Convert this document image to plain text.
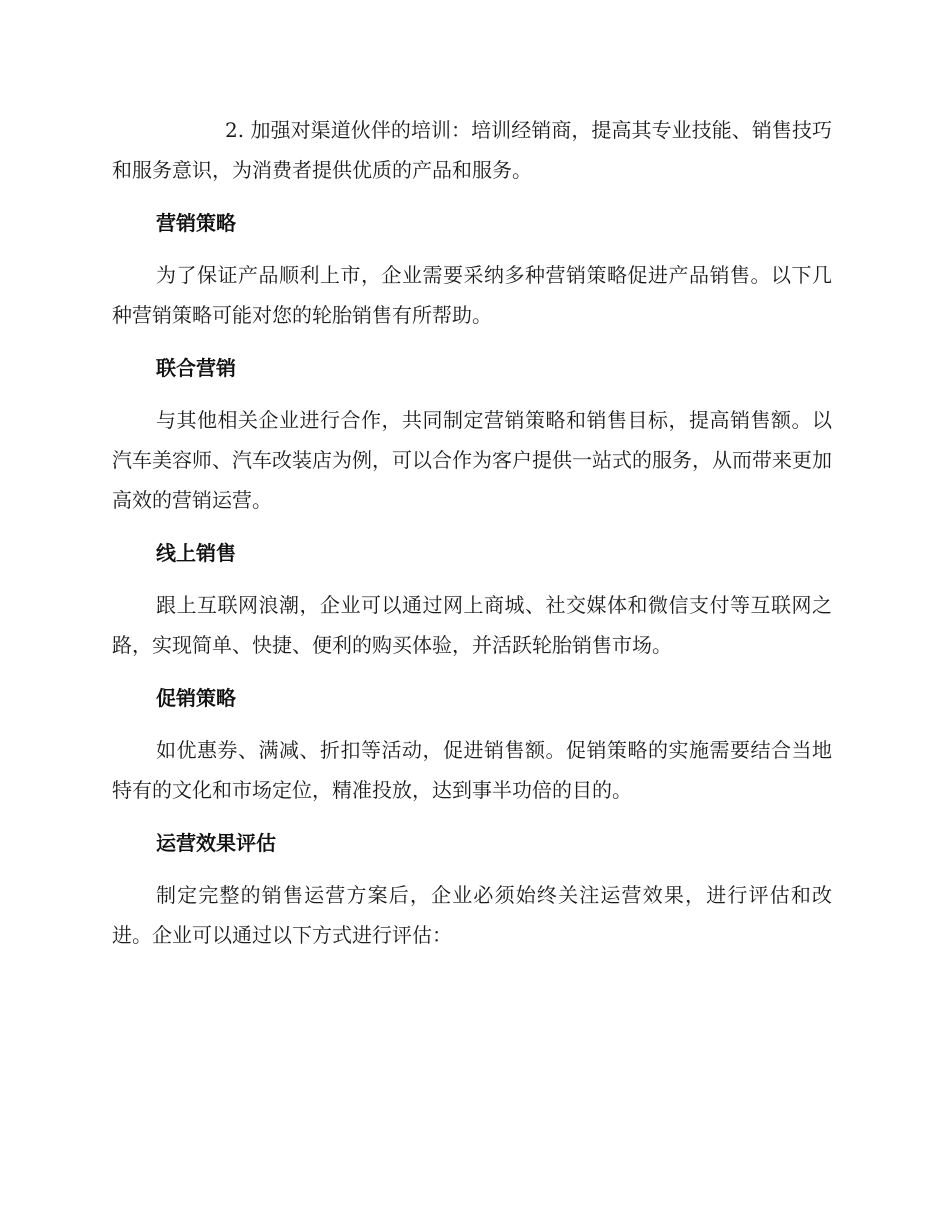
2. 加强对渠道伙伴的培训：培训经销商，提高其专业技能、销售技巧和服务意识，为消费者提供优质的产品和服务。

营销策略

为了保证产品顺利上市，企业需要采纳多种营销策略促进产品销售。以下几种营销策略可能对您的轮胎销售有所帮助。

联合营销

与其他相关企业进行合作，共同制定营销策略和销售目标，提高销售额。以汽车美容师、汽车改装店为例，可以合作为客户提供一站式的服务，从而带来更加高效的营销运营。

线上销售

跟上互联网浪潮，企业可以通过网上商城、社交媒体和微信支付等互联网之路，实现简单、快捷、便利的购买体验，并活跃轮胎销售市场。

促销策略

如优惠券、满减、折扣等活动，促进销售额。促销策略的实施需要结合当地特有的文化和市场定位，精准投放，达到事半功倍的目的。

运营效果评估

制定完整的销售运营方案后，企业必须始终关注运营效果，进行评估和改进。企业可以通过以下方式进行评估：
